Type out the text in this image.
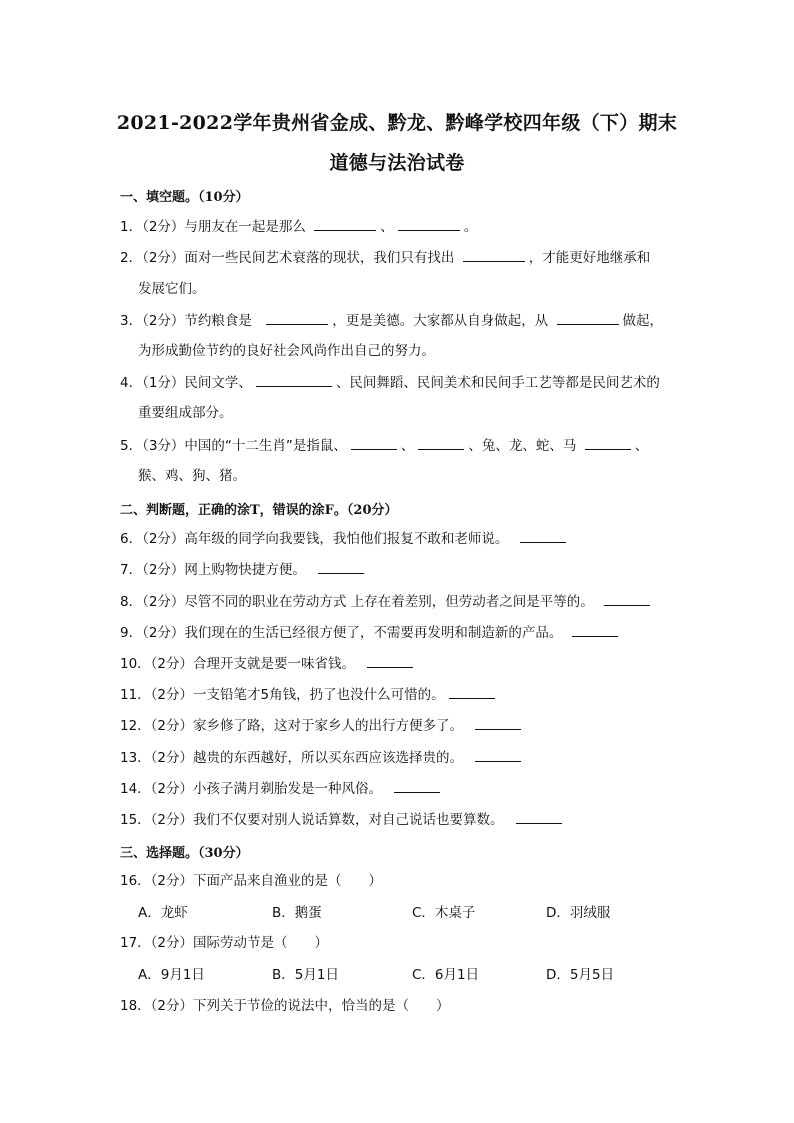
2021-2022学年贵州省金成、黔龙、黔峰学校四年级（下）期末
道德与法治试卷
一、填空题。（10分）
1．（2分）与朋友在一起是那么	、	。
2．（2分）面对一些民间艺术衰落的现状，我们只有找出	，才能更好地继承和
发展它们。
3．（2分）节约粮食是	，更是美德。大家都从自身做起，从	做起，
为形成勤俭节约的良好社会风尚作出自己的努力。
4．（1分）民间文学、	、民间舞蹈、民间美术和民间手工艺等都是民间艺术的
重要组成部分。
5．（3分）中国的“十二生肖”是指鼠、	、	、兔、龙、蛇、马	、
猴、鸡、狗、猪。
二、判断题，正确的涂T，错误的涂F。（20分）
6．（2分）高年级的同学向我要钱，我怕他们报复不敢和老师说。
7．（2分）网上购物快捷方便。
8．（2分）尽管不同的职业在劳动方式 上存在着差别，但劳动者之间是平等的。
9．（2分）我们现在的生活已经很方便了，不需要再发明和制造新的产品。
10．（2分）合理开支就是要一味省钱。
11．（2分）一支铅笔才5角钱，扔了也没什么可惜的。
12．（2分）家乡修了路，这对于家乡人的出行方便多了。
13．（2分）越贵的东西越好，所以买东西应该选择贵的。
14．（2分）小孩子满月剃胎发是一种风俗。
15．（2分）我们不仅要对别人说话算数，对自己说话也要算数。
三、选择题。（30分）
16．（2分）下面产品来自渔业的是（　　）
A．龙虾	B．鹅蛋	C．木桌子	D．羽绒服
17．（2分）国际劳动节是（　　）
A．9月1日	B．5月1日	C．6月1日	D．5月5日
18．（2分）下列关于节俭的说法中，恰当的是（　　）
